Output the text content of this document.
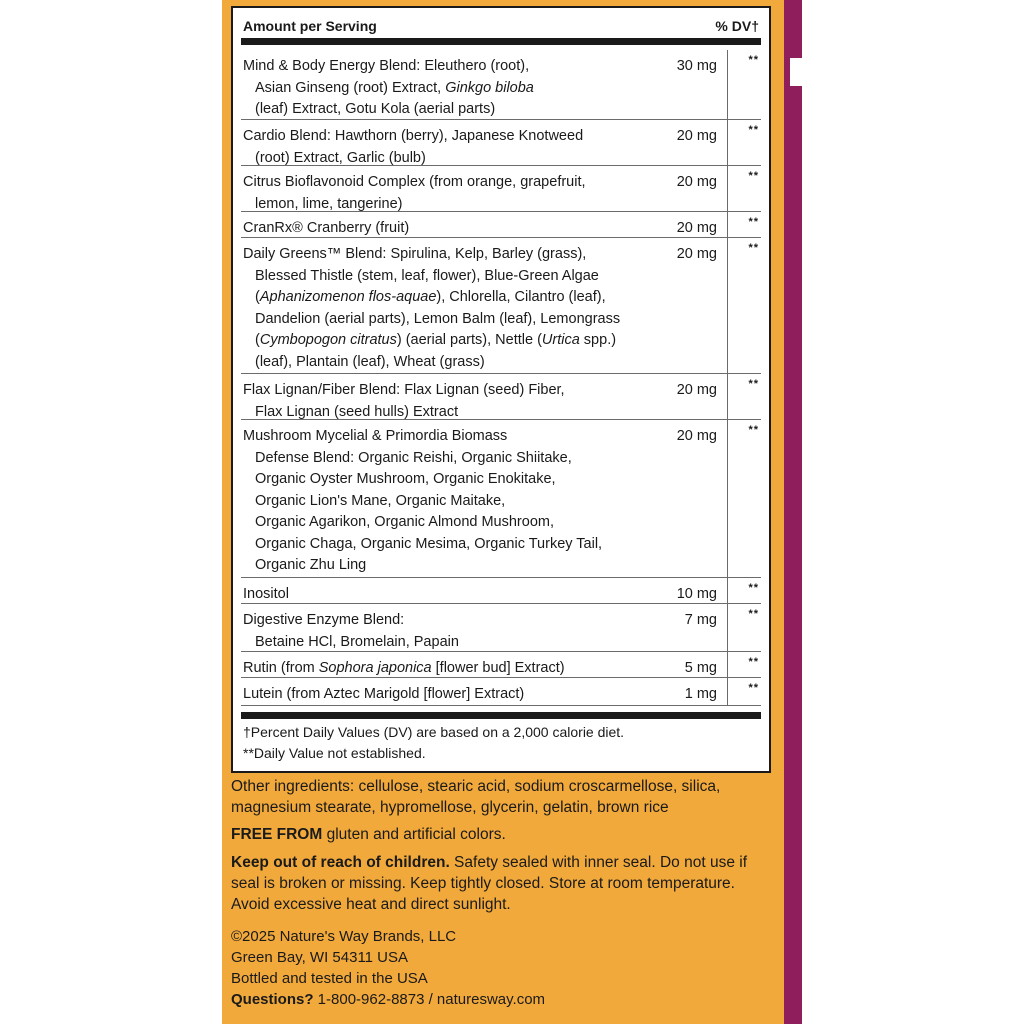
Amount per Serving	% DV†
Mind & Body Energy Blend: Eleuthero (root),
Asian Ginseng (root) Extract, Ginkgo biloba
(leaf) Extract, Gotu Kola (aerial parts)
30 mg	**
Cardio Blend: Hawthorn (berry), Japanese Knotweed
(root) Extract, Garlic (bulb)
20 mg	**
Citrus Bioflavonoid Complex (from orange, grapefruit,
lemon, lime, tangerine)
20 mg	**
CranRx® Cranberry (fruit)	20 mg	**
Daily Greens™ Blend: Spirulina, Kelp, Barley (grass),
Blessed Thistle (stem, leaf, flower), Blue-Green Algae
(Aphanizomenon flos-aquae), Chlorella, Cilantro (leaf),
Dandelion (aerial parts), Lemon Balm (leaf), Lemongrass
(Cymbopogon citratus) (aerial parts), Nettle (Urtica spp.)
(leaf), Plantain (leaf), Wheat (grass)
20 mg	**
Flax Lignan/Fiber Blend: Flax Lignan (seed) Fiber,
Flax Lignan (seed hulls) Extract
20 mg	**
Mushroom Mycelial & Primordia Biomass
Defense Blend: Organic Reishi, Organic Shiitake,
Organic Oyster Mushroom, Organic Enokitake,
Organic Lion's Mane, Organic Maitake,
Organic Agarikon, Organic Almond Mushroom,
Organic Chaga, Organic Mesima, Organic Turkey Tail,
Organic Zhu Ling
20 mg	**
Inositol	10 mg	**
Digestive Enzyme Blend:
Betaine HCl, Bromelain, Papain
7 mg	**
Rutin (from Sophora japonica [flower bud] Extract)	5 mg	**
Lutein (from Aztec Marigold [flower] Extract)	1 mg	**
†Percent Daily Values (DV) are based on a 2,000 calorie diet.
**Daily Value not established.
Other ingredients: cellulose, stearic acid, sodium croscarmellose, silica, magnesium stearate, hypromellose, glycerin, gelatin, brown rice
FREE FROM gluten and artificial colors.
Keep out of reach of children. Safety sealed with inner seal. Do not use if seal is broken or missing. Keep tightly closed. Store at room temperature. Avoid excessive heat and direct sunlight.
©2025 Nature's Way Brands, LLC
Green Bay, WI 54311 USA
Bottled and tested in the USA
Questions? 1-800-962-8873 / naturesway.com
